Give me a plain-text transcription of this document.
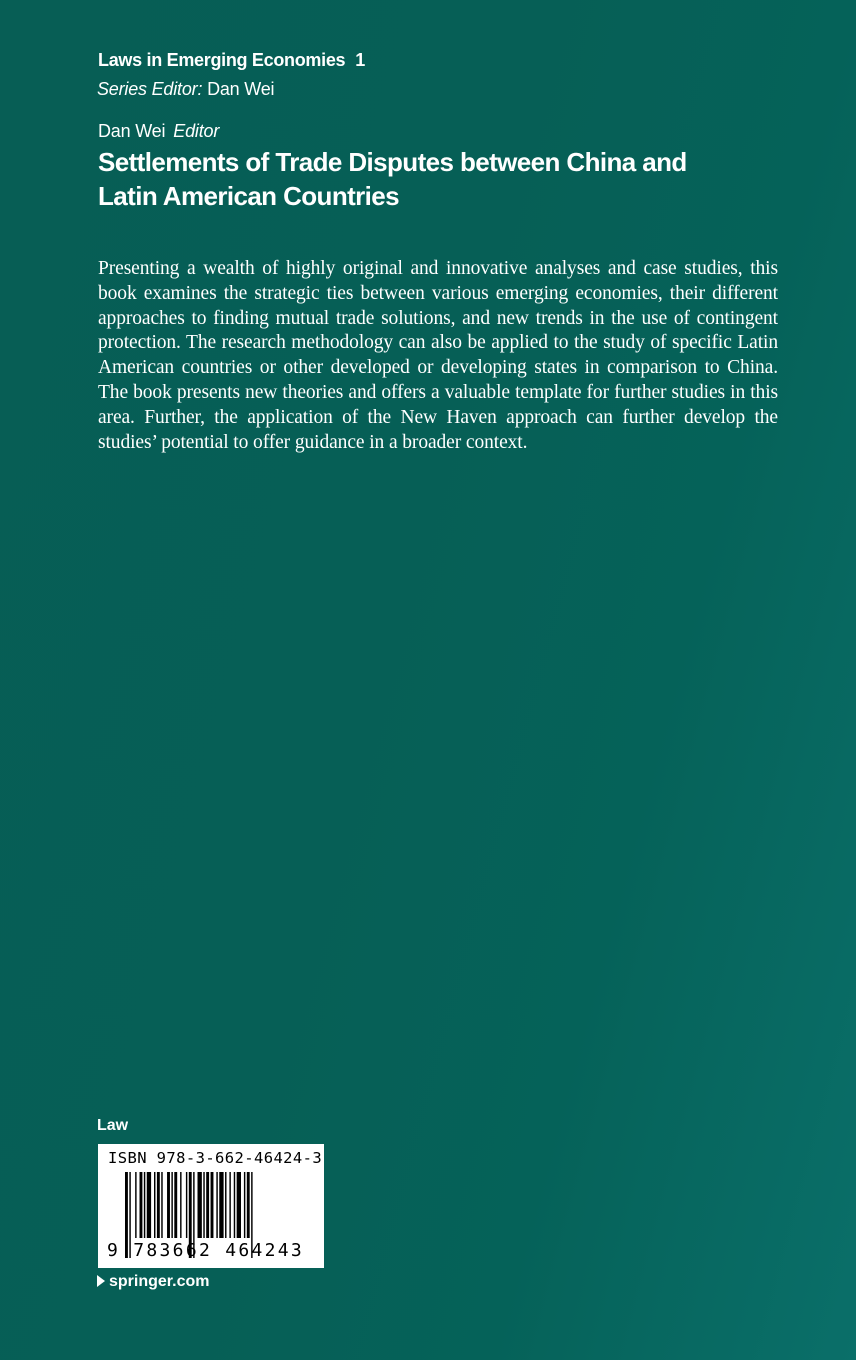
Laws in Emerging Economies 1
Series Editor: Dan Wei
Dan Wei Editor
Settlements of Trade Disputes between China and
Latin American Countries
Presenting a wealth of highly original and innovative analyses and case studies, this book examines the strategic ties between various emerging economies, their different approaches to finding mutual trade solutions, and new trends in the use of contingent protection. The research methodology can also be applied to the study of specific Latin American countries or other developed or developing states in comparison to China. The book presents new theories and offers a valuable template for further studies in this area. Further, the application of the New Haven approach can further develop the studies’ potential to offer guidance in a broader context.
Law
ISBN 978-3-662-46424-3
9 783662 464243
springer.com
